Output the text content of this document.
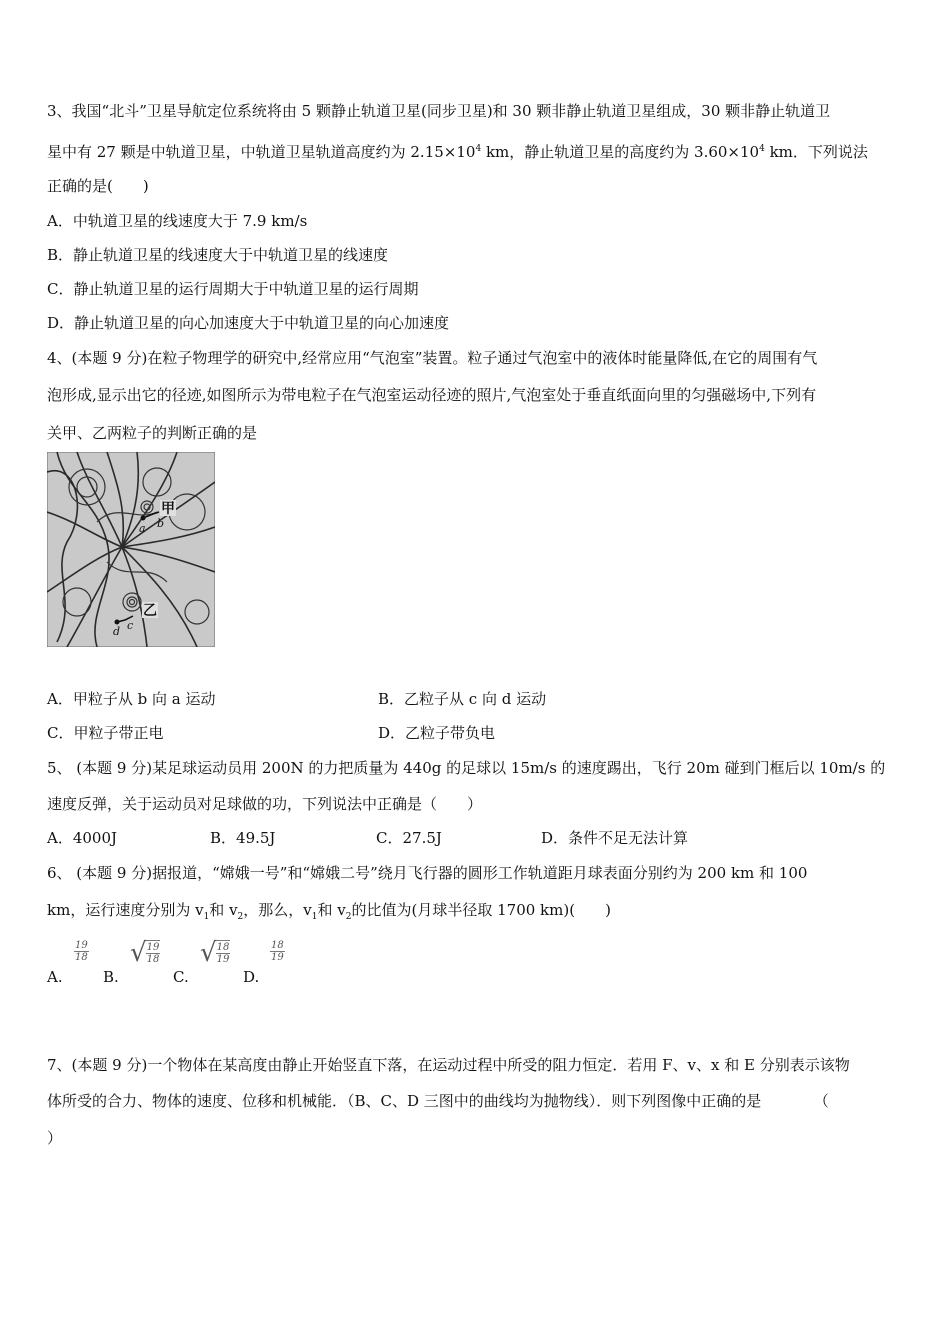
3、我国“北斗”卫星导航定位系统将由 5 颗静止轨道卫星(同步卫星)和 30 颗非静止轨道卫星组成，30 颗非静止轨道卫
星中有 27 颗是中轨道卫星，中轨道卫星轨道高度约为 $2.15\times 10^4$ km，静止轨道卫星的高度约为 $3.60\times 10^4$ km．下列说法
正确的是(　　)
A．中轨道卫星的线速度大于 7.9 km/s
B．静止轨道卫星的线速度大于中轨道卫星的线速度
C．静止轨道卫星的运行周期大于中轨道卫星的运行周期
D．静止轨道卫星的向心加速度大于中轨道卫星的向心加速度
4、(本题 9 分)在粒子物理学的研究中,经常应用“气泡室”装置。粒子通过气泡室中的液体时能量降低,在它的周围有气
泡形成,显示出它的径迹,如图所示为带电粒子在气泡室运动径迹的照片,气泡室处于垂直纸面向里的匀强磁场中,下列有
关甲、乙两粒子的判断正确的是
甲
a b
乙
c
d
A．甲粒子从 b 向 a 运动	B．乙粒子从 c 向 d 运动
C．甲粒子带正电	D．乙粒子带负电
5、 (本题 9 分)某足球运动员用 200N 的力把质量为 440g 的足球以 15m/s 的速度踢出，飞行 20m 碰到门框后以 10m/s 的
速度反弹，关于运动员对足球做的功，下列说法中正确是（　　）
A．4000J	B．49.5J	C．27.5J	D．条件不足无法计算
6、 (本题 9 分)据报道，“嫦娥一号”和“嫦娥二号”绕月飞行器的圆形工作轨道距月球表面分别约为 200 km 和 100
km，运行速度分别为 $v_1$和 $v_2$，那么，$v_1$和 $v_2$的比值为(月球半径取 1700 km)(　　)
A.
$\frac{19}{18}$
B.
√ $\frac{19}{18}$
C.
√ $\frac{18}{19}$
D.
$\frac{18}{19}$
7、(本题 9 分)一个物体在某高度由静止开始竖直下落，在运动过程中所受的阻力恒定．若用 F、v、x 和 E 分别表示该物
体所受的合力、物体的速度、位移和机械能．（B、C、D 三图中的曲线均为抛物线）．则下列图像中正确的是　　　　（
）
